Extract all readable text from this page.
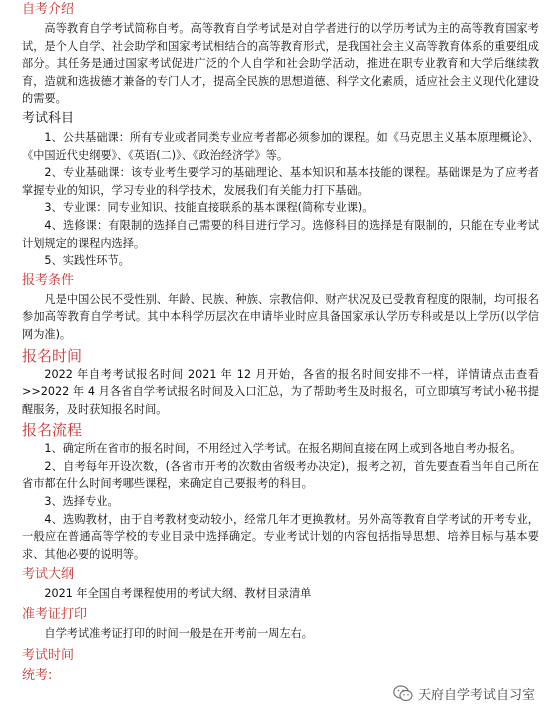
自考介绍

高等教育自学考试简称自考。高等教育自学考试是对自学者进行的以学历考试为主的高等教育国家考试，是个人自学、社会助学和国家考试相结合的高等教育形式，是我国社会主义高等教育体系的重要组成部分。其任务是通过国家考试促进广泛的个人自学和社会助学活动，推进在职专业教育和大学后继续教育，造就和选拔德才兼备的专门人才，提高全民族的思想道德、科学文化素质，适应社会主义现代化建设的需要。

考试科目

1、公共基础课：所有专业或者同类专业应考者都必须参加的课程。如《马克思主义基本原理概论》、《中国近代史纲要》、《英语(二)》、《政治经济学》等。

2、专业基础课：该专业考生要学习的基础理论、基本知识和基本技能的课程。基础课是为了应考者掌握专业的知识，学习专业的科学技术，发展我们有关能力打下基础。

3、专业课：同专业知识、技能直接联系的基本课程(简称专业课)。

4、选修课：有限制的选择自己需要的科目进行学习。选修科目的选择是有限制的，只能在专业考试计划规定的课程内选择。

5、实践性环节。

报考条件

凡是中国公民不受性别、年龄、民族、种族、宗教信仰、财产状况及已受教育程度的限制，均可报名参加高等教育自学考试。其中本科学历层次在申请毕业时应具备国家承认学历专科或是以上学历(以学信网为准)。

报名时间

2022 年自考考试报名时间 2021 年 12 月开始，各省的报名时间安排不一样，详情请点击查看>>2022 年 4 月各省自学考试报名时间及入口汇总，为了帮助考生及时报名，可立即填写考试小秘书提醒服务，及时获知报名时间。

报名流程

1、确定所在省市的报名时间，不用经过入学考试。在报名期间直接在网上或到各地自考办报名。

2、自考每年开设次数，(各省市开考的次数由省级考办决定)，报考之初，首先要查看当年自己所在省市都在什么时间考哪些课程，来确定自己要报考的科目。

3、选择专业。

4、选购教材，由于自考教材变动较小，经常几年才更换教材。另外高等教育自学考试的开考专业，一般应在普通高等学校的专业目录中选择确定。专业考试计划的内容包括指导思想、培养目标与基本要求、其他必要的说明等。

考试大纲

2021 年全国自考课程使用的考试大纲、教材目录清单

准考证打印

自学考试准考证打印的时间一般是在开考前一周左右。

考试时间
统考:
天府自学考试自习室
